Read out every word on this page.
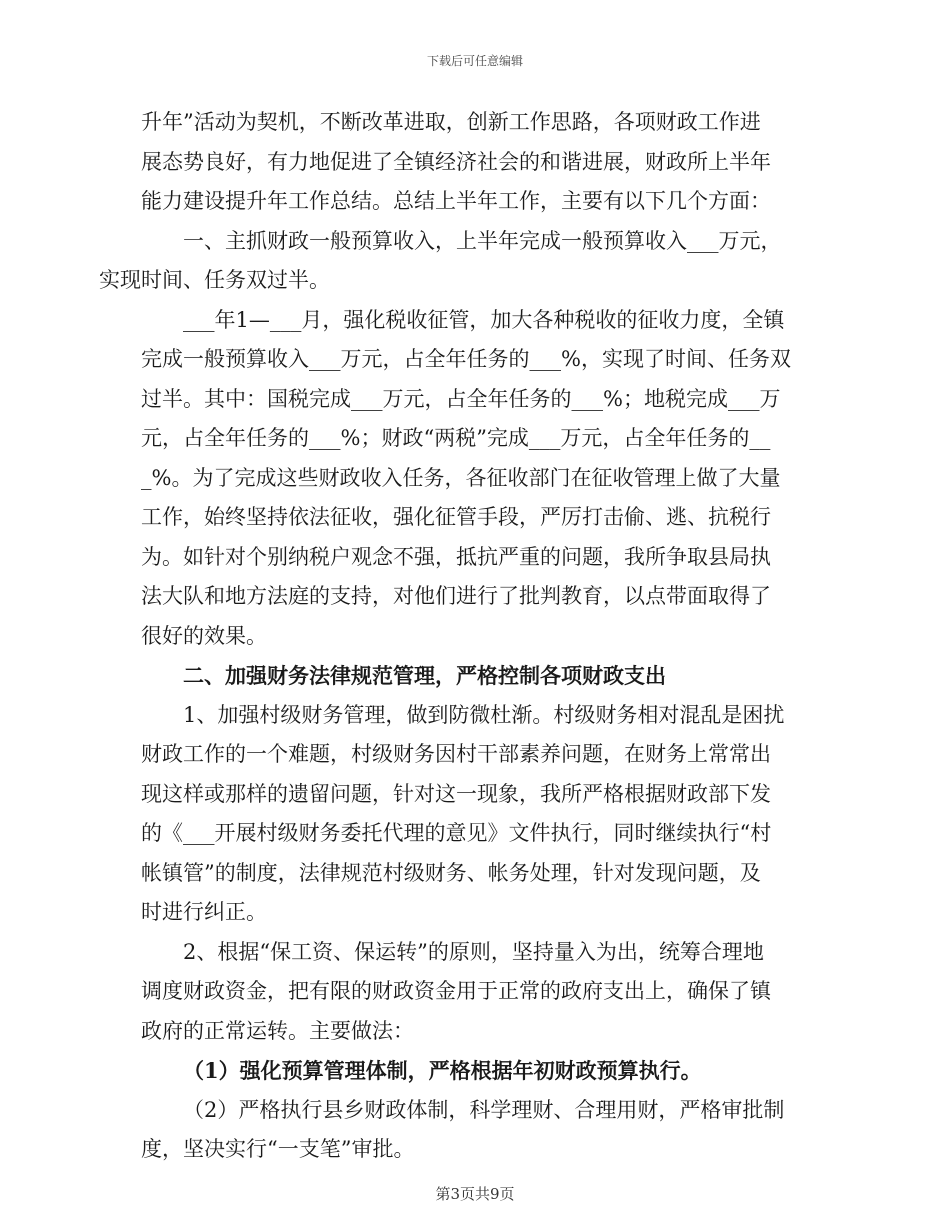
下载后可任意编辑

升年”活动为契机，不断改革进取，创新工作思路，各项财政工作进
展态势良好，有力地促进了全镇经济社会的和谐进展，财政所上半年
能力建设提升年工作总结。总结上半年工作，主要有以下几个方面：

一、主抓财政一般预算收入，上半年完成一般预算收入___万元，
实现时间、任务双过半。

___年1—___月，强化税收征管，加大各种税收的征收力度，全镇
完成一般预算收入___万元，占全年任务的___%，实现了时间、任务双
过半。其中：国税完成___万元，占全年任务的___%；地税完成___万
元，占全年任务的___%；财政“两税”完成___万元，占全年任务的__
_%。为了完成这些财政收入任务，各征收部门在征收管理上做了大量
工作，始终坚持依法征收，强化征管手段，严厉打击偷、逃、抗税行
为。如针对个别纳税户观念不强，抵抗严重的问题，我所争取县局执
法大队和地方法庭的支持，对他们进行了批判教育，以点带面取得了
很好的效果。

二、加强财务法律规范管理，严格控制各项财政支出

1、加强村级财务管理，做到防微杜渐。村级财务相对混乱是困扰
财政工作的一个难题，村级财务因村干部素养问题，在财务上常常出
现这样或那样的遗留问题，针对这一现象，我所严格根据财政部下发
的《___开展村级财务委托代理的意见》文件执行，同时继续执行“村
帐镇管”的制度，法律规范村级财务、帐务处理，针对发现问题，及
时进行纠正。

2、根据“保工资、保运转”的原则，坚持量入为出，统筹合理地
调度财政资金，把有限的财政资金用于正常的政府支出上，确保了镇
政府的正常运转。主要做法：

（1）强化预算管理体制，严格根据年初财政预算执行。

（2）严格执行县乡财政体制，科学理财、合理用财，严格审批制
度，坚决实行“一支笔”审批。

第3页共9页
